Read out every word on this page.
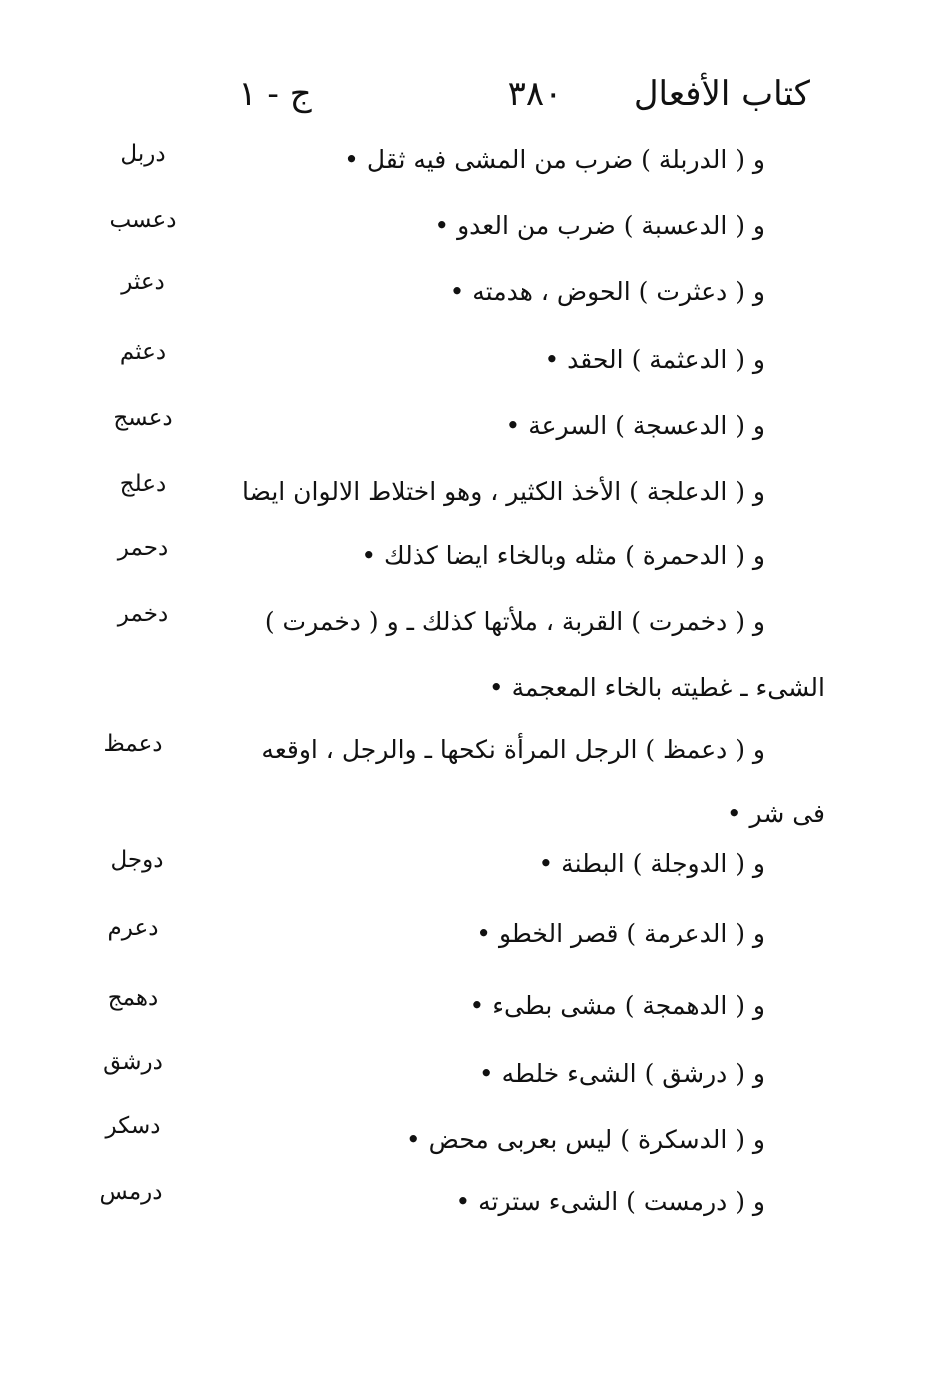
كتاب الأفعال
٣٨٠
ج - ١
و ( الدربلة ) ضرب من المشى فيه ثقل •
دربل
و ( الدعسبة ) ضرب من العدو •
دعسب
و ( دعثرت ) الحوض ، هدمته •
دعثر
و ( الدعثمة ) الحقد •
دعثم
و ( الدعسجة ) السرعة •
دعسج
و ( الدعلجة ) الأخذ الكثير ، وهو اختلاط الالوان ايضا
دعلج
و ( الدحمرة ) مثله وبالخاء ايضا كذلك •
دحمر
و ( دخمرت ) القربة ، ملأتها كذلك ـ و ( دخمرت )
دخمر
الشىء ـ غطيته بالخاء المعجمة •
و ( دعمظ ) الرجل المرأة نكحها ـ والرجل ، اوقعه
دعمظ
فى شر •
و ( الدوجلة ) البطنة •
دوجل
و ( الدعرمة ) قصر الخطو •
دعرم
و ( الدهمجة ) مشى بطىء •
دهمج
و ( درشق ) الشىء خلطه •
درشق
و ( الدسكرة ) ليس بعربى محض •
دسكر
و ( درمست ) الشىء سترته •
درمس
